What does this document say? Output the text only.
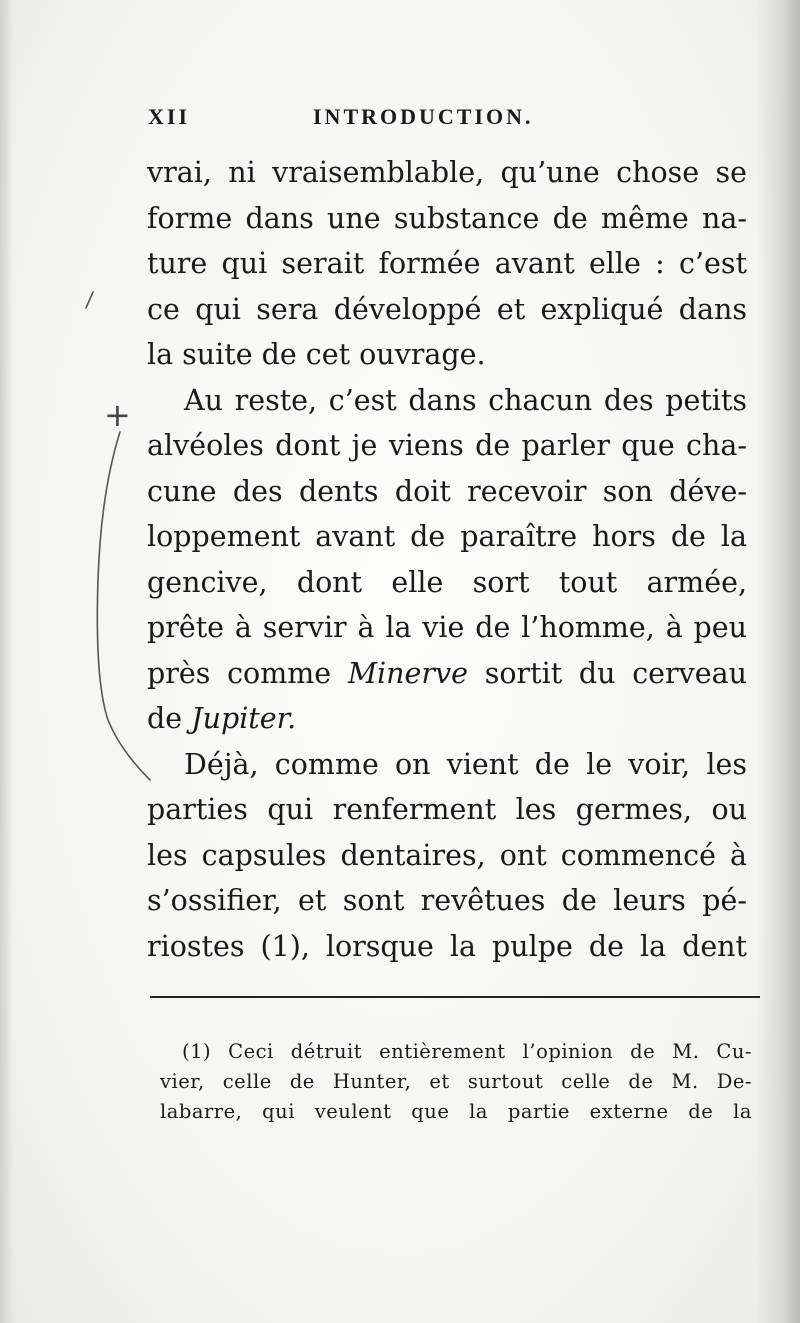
+
XII	INTRODUCTION.
vrai, ni vraisemblable, qu’une chose se
forme dans une substance de même na-
ture qui serait formée avant elle : c’est
ce qui sera développé et expliqué dans
la suite de cet ouvrage.
Au reste, c’est dans chacun des petits
alvéoles dont je viens de parler que cha-
cune des dents doit recevoir son déve-
loppement avant de paraître hors de la
gencive, dont elle sort tout armée,
prête à servir à la vie de l’homme, à peu
près comme Minerve sortit du cerveau
de Jupiter.
Déjà, comme on vient de le voir, les
parties qui renferment les germes, ou
les capsules dentaires, ont commencé à
s’ossifier, et sont revêtues de leurs pé-
riostes (1), lorsque la pulpe de la dent
(1) Ceci détruit entièrement l’opinion de M. Cu-
vier, celle de Hunter, et surtout celle de M. De-
labarre, qui veulent que la partie externe de la
